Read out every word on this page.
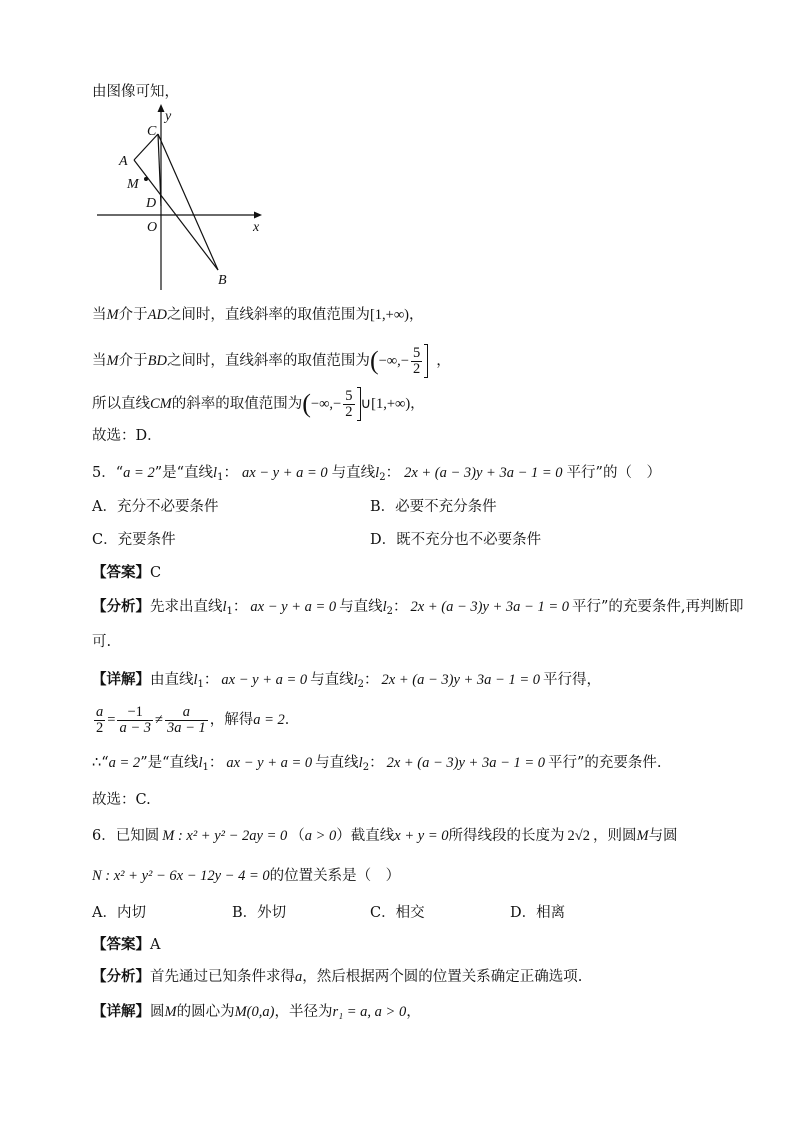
由图像可知，
C
y
A
M
D
O	x
B
当M介于AD之间时，直线斜率的取值范围为[1,+∞)，
当M介于BD之间时，直线斜率的取值范围为(−∞,− $\frac{5}{2}$ ，
所以直线CM的斜率的取值范围为(−∞,− $\frac{5}{2}$ ∪[1,+∞)，
故选：D．
5．“a = 2”是“直线$l_1$： ax − y + a = 0 与直线$l_2$： 2x + (a − 3)y + 3a − 1 = 0 平行”的（　）
A．充分不必要条件	B．必要不充分条件
C．充要条件	D．既不充分也不必要条件
【答案】C
【分析】先求出直线$l_1$： ax − y + a = 0 与直线$l_2$： 2x + (a − 3)y + 3a − 1 = 0 平行”的充要条件,再判断即
可.
【详解】由直线$l_1$： ax − y + a = 0 与直线$l_2$： 2x + (a − 3)y + 3a − 1 = 0 平行得，
$\frac{a}{2} = \frac{-1}{a - 3} \ne \frac{a}{3a - 1}$ ，解得a = 2．
∴“a = 2”是“直线$l_1$： ax − y + a = 0 与直线$l_2$： 2x + (a − 3)y + 3a − 1 = 0 平行”的充要条件.
故选：C.
6．已知圆 M : x² + y² − 2ay = 0 （a > 0）截直线x + y = 0所得线段的长度为 2√2 ，则圆M与圆
N : x² + y² − 6x − 12y − 4 = 0的位置关系是（　）
A．内切	B．外切	C．相交	D．相离
【答案】A
【分析】首先通过已知条件求得a，然后根据两个圆的位置关系确定正确选项.
【详解】圆M的圆心为M(0,a)，半径为r₁ = a, a > 0，
